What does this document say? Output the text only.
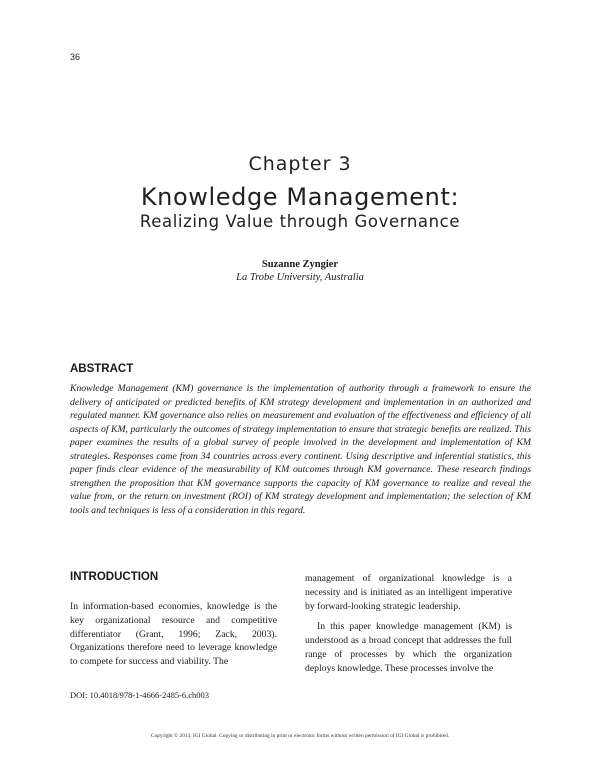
36
Chapter 3
Knowledge Management:
Realizing Value through Governance
Suzanne Zyngier
La Trobe University, Australia
ABSTRACT

Knowledge Management (KM) governance is the implementation of authority through a framework to ensure the delivery of anticipated or predicted benefits of KM strategy development and implementation in an authorized and regulated manner. KM governance also relies on measurement and evaluation of the effectiveness and efficiency of all aspects of KM, particularly the outcomes of strategy implementation to ensure that strategic benefits are realized. This paper examines the results of a global survey of people involved in the development and implementation of KM strategies. Responses came from 34 countries across every continent. Using descriptive and inferential statistics, this paper finds clear evidence of the measurability of KM outcomes through KM governance. These research findings strengthen the proposition that KM governance supports the capacity of KM governance to realize and reveal the value from, or the return on investment (ROI) of KM strategy development and implementation; the selection of KM tools and techniques is less of a consideration in this regard.

INTRODUCTION

In information-based economies, knowledge is the key organizational resource and competitive differentiator (Grant, 1996; Zack, 2003). Organizations therefore need to leverage knowledge to compete for success and viability. The

management of organizational knowledge is a necessity and is initiated as an intelligent imperative by forward-looking strategic leadership.

In this paper knowledge management (KM) is understood as a broad concept that addresses the full range of processes by which the organization deploys knowledge. These processes involve the

DOI: 10.4018/978-1-4666-2485-6.ch003
Copyright © 2013, IGI Global. Copying or distributing in print or electronic forms without written permission of IGI Global is prohibited.
